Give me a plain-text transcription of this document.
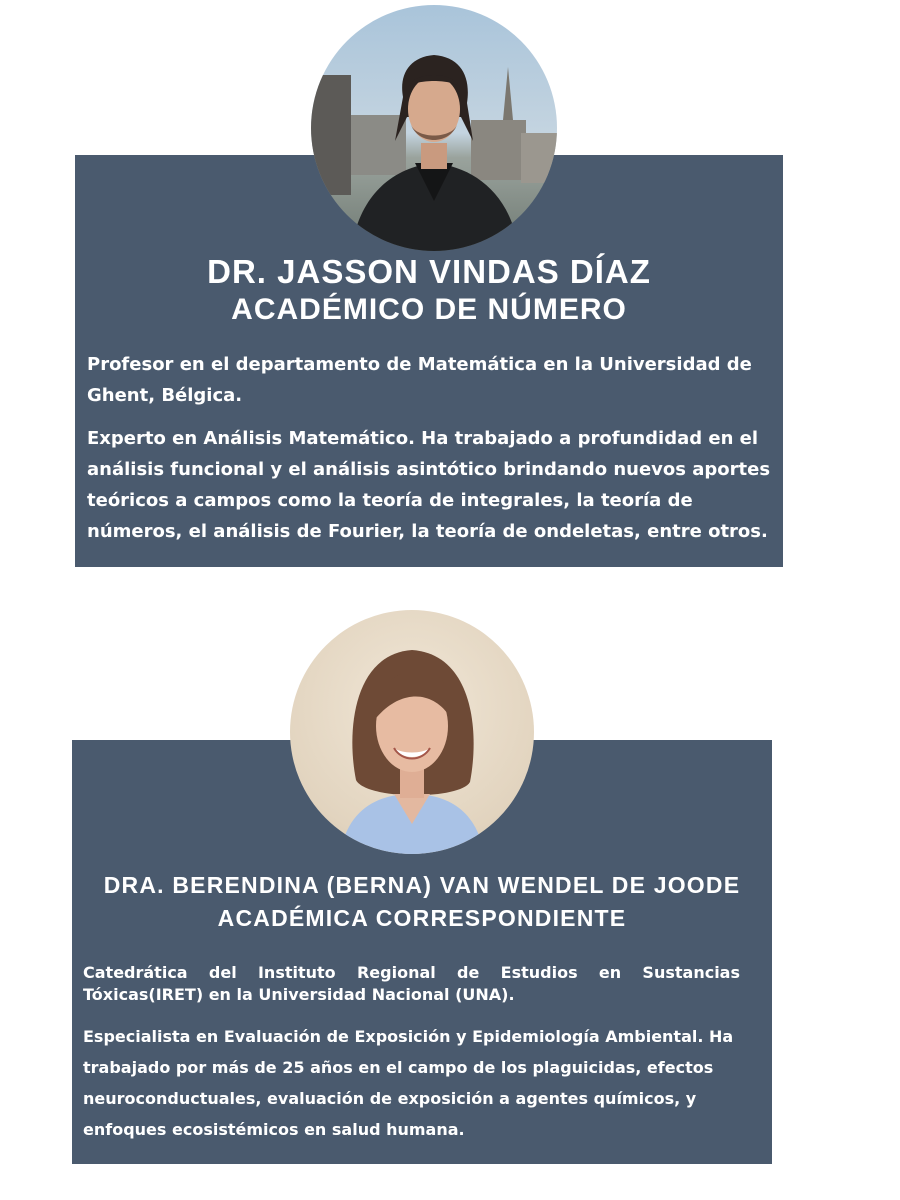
DR. JASSON VINDAS DÍAZ
ACADÉMICO DE NÚMERO

Profesor en el departamento de Matemática en la Universidad de Ghent, Bélgica.

Experto en Análisis Matemático. Ha trabajado a profundidad en el análisis funcional y el análisis asintótico brindando nuevos aportes teóricos a campos como la teoría de integrales, la teoría de números, el análisis de Fourier, la teoría de ondeletas, entre otros.

DRA. BERENDINA (BERNA) VAN WENDEL DE JOODE
ACADÉMICA CORRESPONDIENTE

Catedrática del Instituto Regional de Estudios en Sustancias Tóxicas(IRET) en la Universidad Nacional (UNA).

Especialista en Evaluación de Exposición y Epidemiología Ambiental. Ha trabajado por más de 25 años en el campo de los plaguicidas, efectos neuroconductuales, evaluación de exposición a agentes químicos, y enfoques ecosistémicos en salud humana.
